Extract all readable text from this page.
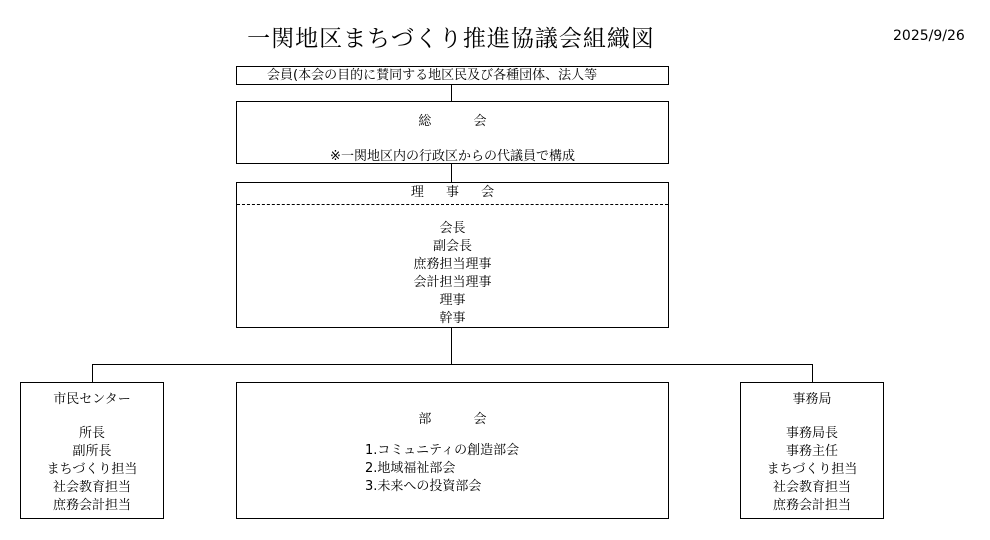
一関地区まちづくり推進協議会組織図	2025/9/26
会員(本会の目的に賛同する地区民及び各種団体、法人等
総 会
※一関地区内の行政区からの代議員で構成
理 事 会
会長
副会長
庶務担当理事
会計担当理事
理事
幹事
市民センター
所長
副所長
まちづくり担当
社会教育担当
庶務会計担当
部 会
1.コミュニティの創造部会
2.地域福祉部会
3.未来への投資部会
事務局
事務局長
事務主任
まちづくり担当
社会教育担当
庶務会計担当
